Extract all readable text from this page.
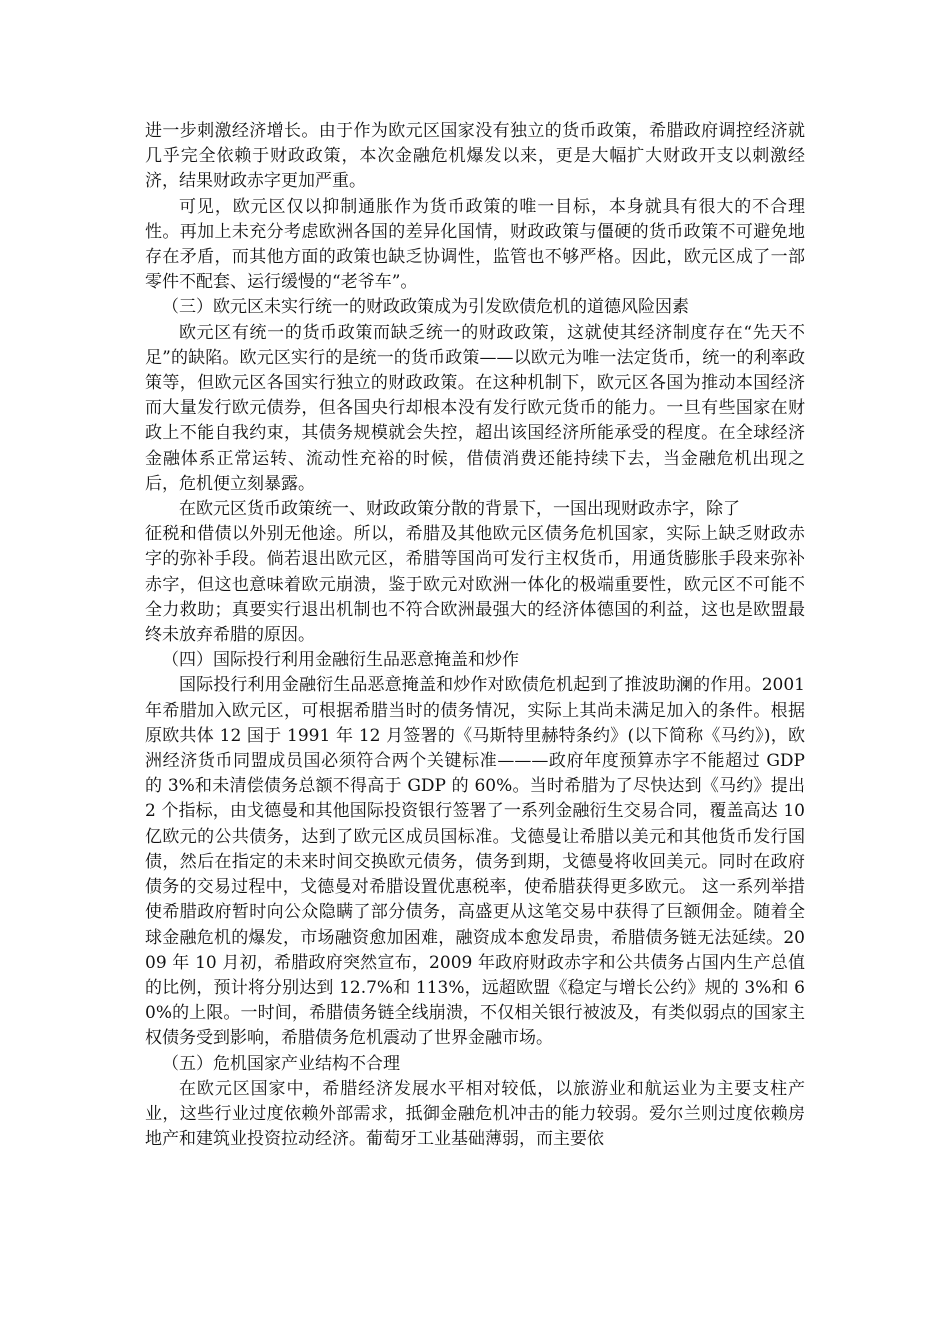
进一步刺激经济增长。由于作为欧元区国家没有独立的货币政策，希腊政府调控经济就几乎完全依赖于财政政策，本次金融危机爆发以来，更是大幅扩大财政开支以刺激经济，结果财政赤字更加严重。

可见，欧元区仅以抑制通胀作为货币政策的唯一目标，本身就具有很大的不合理性。再加上未充分考虑欧洲各国的差异化国情，财政政策与僵硬的货币政策不可避免地存在矛盾，而其他方面的政策也缺乏协调性，监管也不够严格。因此，欧元区成了一部零件不配套、运行缓慢的“老爷车”。

（三）欧元区未实行统一的财政政策成为引发欧债危机的道德风险因素

欧元区有统一的货币政策而缺乏统一的财政政策，这就使其经济制度存在“先天不足”的缺陷。欧元区实行的是统一的货币政策——以欧元为唯一法定货币，统一的利率政策等，但欧元区各国实行独立的财政政策。在这种机制下，欧元区各国为推动本国经济而大量发行欧元债券，但各国央行却根本没有发行欧元货币的能力。一旦有些国家在财政上不能自我约束，其债务规模就会失控，超出该国经济所能承受的程度。在全球经济金融体系正常运转、流动性充裕的时候，借债消费还能持续下去，当金融危机出现之后，危机便立刻暴露。

在欧元区货币政策统一、财政政策分散的背景下，一国出现财政赤字，除了

征税和借债以外别无他途。所以，希腊及其他欧元区债务危机国家，实际上缺乏财政赤字的弥补手段。倘若退出欧元区，希腊等国尚可发行主权货币，用通货膨胀手段来弥补赤字，但这也意味着欧元崩溃，鉴于欧元对欧洲一体化的极端重要性，欧元区不可能不全力救助；真要实行退出机制也不符合欧洲最强大的经济体德国的利益，这也是欧盟最终未放弃希腊的原因。

（四）国际投行利用金融衍生品恶意掩盖和炒作

国际投行利用金融衍生品恶意掩盖和炒作对欧债危机起到了推波助澜的作用。2001 年希腊加入欧元区，可根据希腊当时的债务情况，实际上其尚未满足加入的条件。根据原欧共体 12 国于 1991 年 12 月签署的《马斯特里赫特条约》(以下简称《马约》)，欧洲经济货币同盟成员国必须符合两个关键标准———政府年度预算赤字不能超过 GDP 的 3%和未清偿债务总额不得高于 GDP 的 60%。当时希腊为了尽快达到《马约》提出 2 个指标，由戈德曼和其他国际投资银行签署了一系列金融衍生交易合同，覆盖高达 10 亿欧元的公共债务，达到了欧元区成员国标准。戈德曼让希腊以美元和其他货币发行国债，然后在指定的未来时间交换欧元债务，债务到期，戈德曼将收回美元。同时在政府债务的交易过程中，戈德曼对希腊设置优惠税率，使希腊获得更多欧元。 这一系列举措使希腊政府暂时向公众隐瞒了部分债务，高盛更从这笔交易中获得了巨额佣金。随着全球金融危机的爆发，市场融资愈加困难，融资成本愈发昂贵，希腊债务链无法延续。2009 年 10 月初，希腊政府突然宣布，2009 年政府财政赤字和公共债务占国内生产总值的比例，预计将分别达到 12.7%和 113%，远超欧盟《稳定与增长公约》规的 3%和 60%的上限。一时间，希腊债务链全线崩溃，不仅相关银行被波及，有类似弱点的国家主权债务受到影响，希腊债务危机震动了世界金融市场。

（五）危机国家产业结构不合理

在欧元区国家中，希腊经济发展水平相对较低，以旅游业和航运业为主要支柱产业，这些行业过度依赖外部需求，抵御金融危机冲击的能力较弱。爱尔兰则过度依赖房地产和建筑业投资拉动经济。葡萄牙工业基础薄弱，而主要依
